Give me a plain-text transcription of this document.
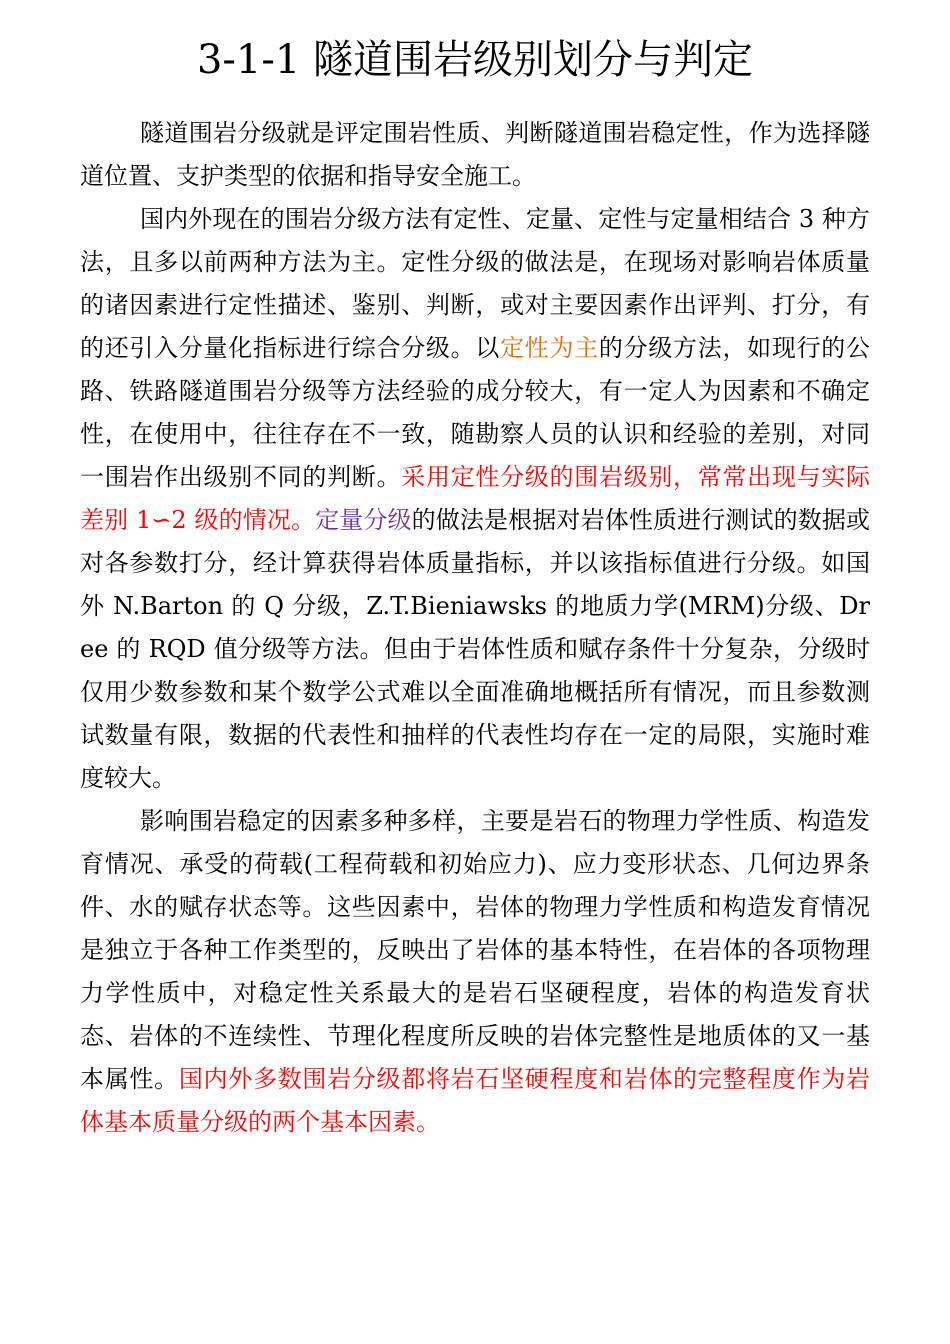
3-1-1 隧道围岩级别划分与判定

隧道围岩分级就是评定围岩性质、判断隧道围岩稳定性，作为选择隧道位置、支护类型的依据和指导安全施工。

国内外现在的围岩分级方法有定性、定量、定性与定量相结合 3 种方法，且多以前两种方法为主。定性分级的做法是，在现场对影响岩体质量的诸因素进行定性描述、鉴别、判断，或对主要因素作出评判、打分，有的还引入分量化指标进行综合分级。以定性为主的分级方法，如现行的公路、铁路隧道围岩分级等方法经验的成分较大，有一定人为因素和不确定性，在使用中，往往存在不一致，随勘察人员的认识和经验的差别，对同一围岩作出级别不同的判断。采用定性分级的围岩级别，常常出现与实际差别 1∽2 级的情况。定量分级的做法是根据对岩体性质进行测试的数据或对各参数打分，经计算获得岩体质量指标，并以该指标值进行分级。如国外 N.Barton 的 Q 分级，Z.T.Bieniawsks 的地质力学(MRM)分级、Dree 的 RQD 值分级等方法。但由于岩体性质和赋存条件十分复杂，分级时仅用少数参数和某个数学公式难以全面准确地概括所有情况，而且参数测试数量有限，数据的代表性和抽样的代表性均存在一定的局限，实施时难度较大。

影响围岩稳定的因素多种多样，主要是岩石的物理力学性质、构造发育情况、承受的荷载(工程荷载和初始应力)、应力变形状态、几何边界条件、水的赋存状态等。这些因素中，岩体的物理力学性质和构造发育情况是独立于各种工作类型的，反映出了岩体的基本特性，在岩体的各项物理力学性质中，对稳定性关系最大的是岩石坚硬程度，岩体的构造发育状态、岩体的不连续性、节理化程度所反映的岩体完整性是地质体的又一基本属性。国内外多数围岩分级都将岩石坚硬程度和岩体的完整程度作为岩体基本质量分级的两个基本因素。
